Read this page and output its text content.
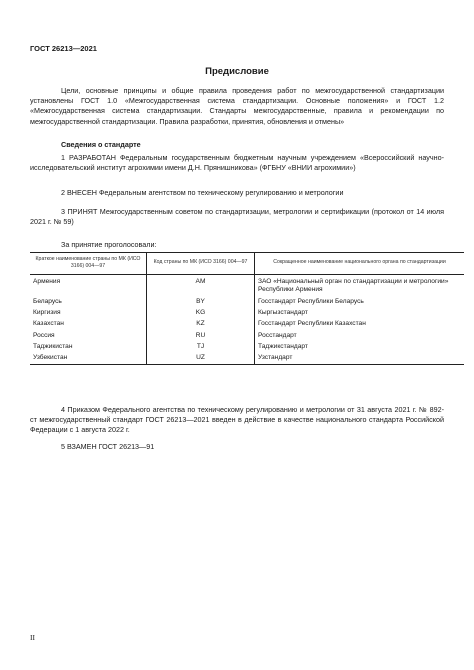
ГОСТ 26213—2021
Предисловие

Цели, основные принципы и общие правила проведения работ по межгосударственной стандартизации установлены ГОСТ 1.0 «Межгосударственная система стандартизации. Основные положения» и ГОСТ 1.2 «Межгосударственная система стандартизации. Стандарты межгосударственные, правила и рекомендации по межгосударственной стандартизации. Правила разработки, принятия, обновления и отмены»

Сведения о стандарте

1 РАЗРАБОТАН Федеральным государственным бюджетным научным учреждением «Всероссийский научно-исследовательский институт агрохимии имени Д.Н. Прянишникова» (ФГБНУ «ВНИИ агрохимии»)

2 ВНЕСЕН Федеральным агентством по техническому регулированию и метрологии

3 ПРИНЯТ Межгосударственным советом по стандартизации, метрологии и сертификации (протокол от 14 июля 2021 г. № 59)

За принятие проголосовали:
Краткое наименование страны по МК (ИСО 3166) 004—97	Код страны по МК (ИСО 3166) 004—97	Сокращенное наименование национального органа по стандартизации
Армения	AM	ЗАО «Национальный орган по стандартизации и метрологии» Республики Армения
Беларусь	BY	Госстандарт Республики Беларусь
Киргизия	KG	Кыргызстандарт
Казахстан	KZ	Госстандарт Республики Казахстан
Россия	RU	Росстандарт
Таджикистан	TJ	Таджикстандарт
Узбекистан	UZ	Узстандарт

4 Приказом Федерального агентства по техническому регулированию и метрологии от 31 августа 2021 г. № 892-ст межгосударственный стандарт ГОСТ 26213—2021 введен в действие в качестве национального стандарта Российской Федерации с 1 августа 2022 г.

5 ВЗАМЕН ГОСТ 26213—91

II
